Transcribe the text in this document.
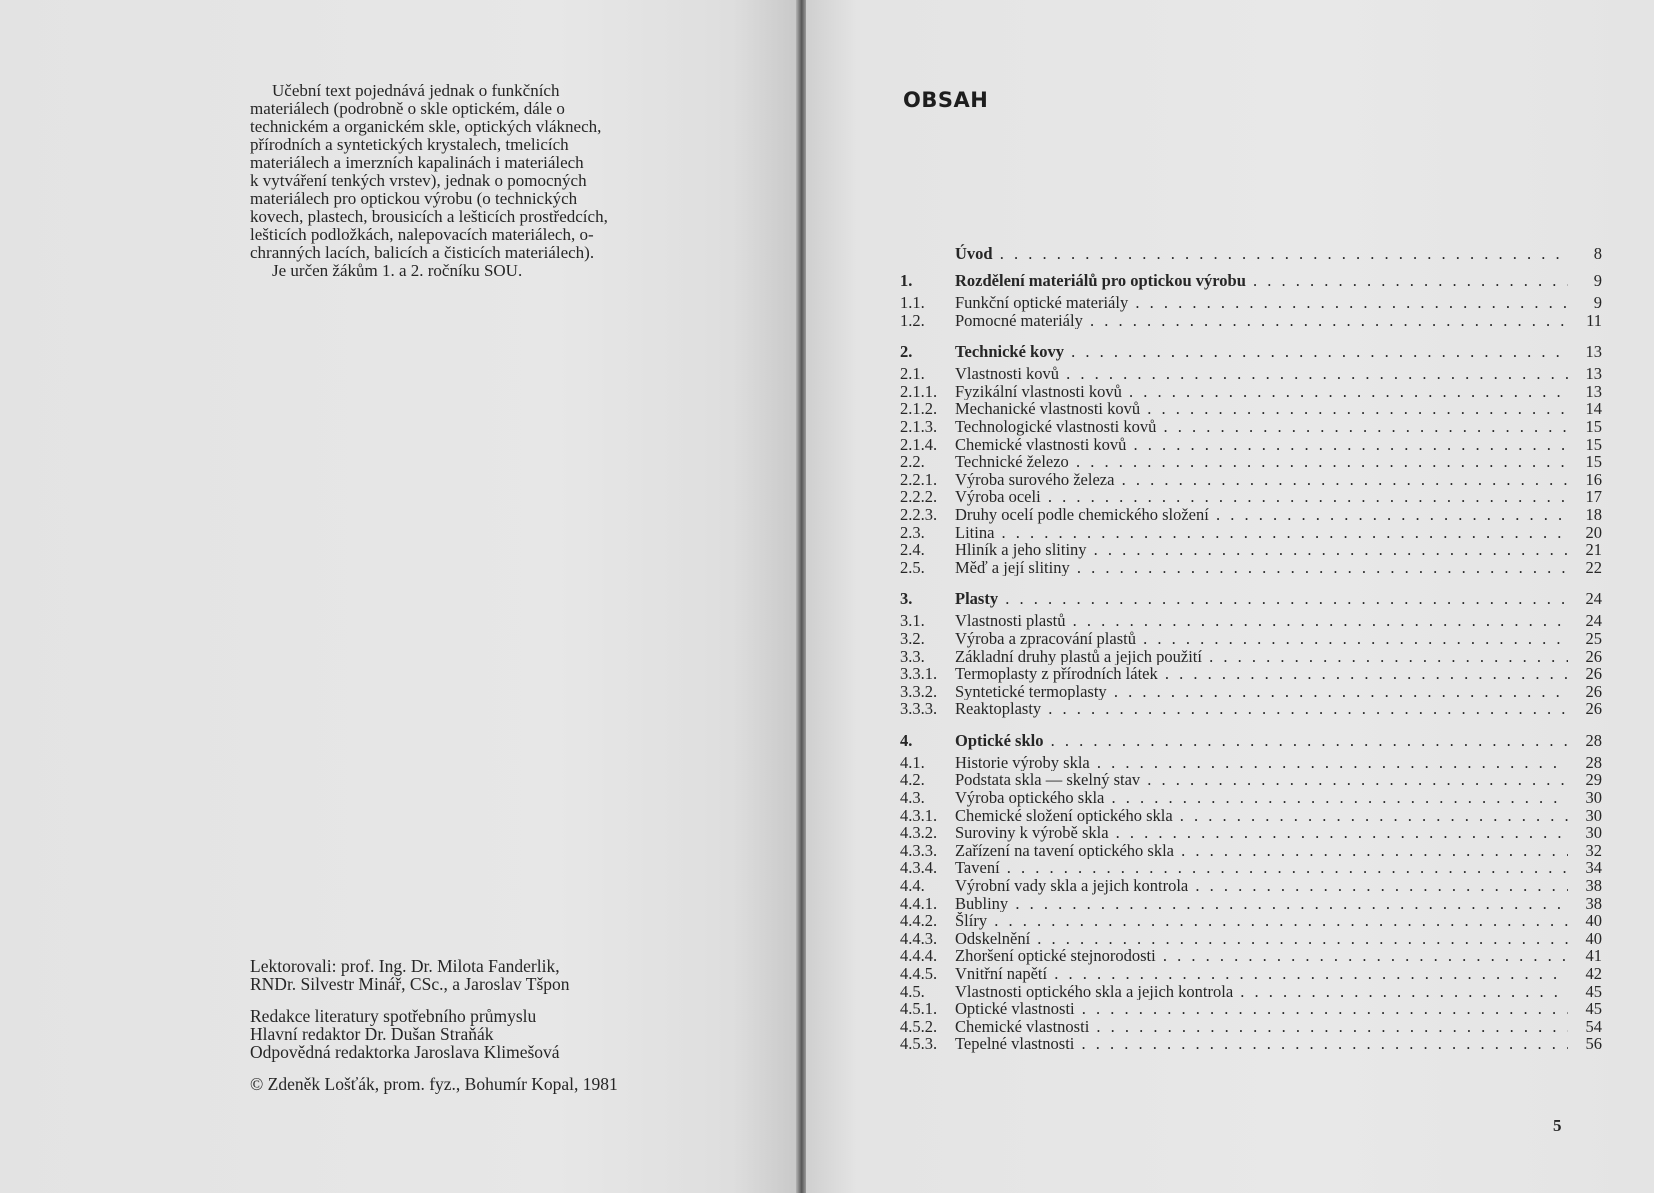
Učební text pojednává jednak o funkčních
materiálech (podrobně o skle optickém, dále o
technickém a organickém skle, optických vláknech,
přírodních a syntetických krystalech, tmelicích
materiálech a imerzních kapalinách i materiálech
k vytváření tenkých vrstev), jednak o pomocných
materiálech pro optickou výrobu (o technických
kovech, plastech, brousicích a lešticích prostředcích,
lešticích podložkách, nalepovacích materiálech, o-
chranných lacích, balicích a čisticích materiálech).
Je určen žákům 1. a 2. ročníku SOU.

Lektorovali: prof. Ing. Dr. Milota Fanderlik,

RNDr. Silvestr Minář, CSc., a Jaroslav Tšpon

Redakce literatury spotřebního průmyslu

Hlavní redaktor Dr. Dušan Straňák

Odpovědná redaktorka Jaroslava Klimešová

© Zdeněk Lošťák, prom. fyz., Bohumír Kopal, 1981

OBSAH
Úvod . . .	8
1.	Rozdělení materiálů pro optickou výrobu . . .	9
1.1. Funkční optické materiály . . .	9
1.2. Pomocné materiály . . .	11
2.	Technické kovy . . .	13
2.1. Vlastnosti kovů . . .	13
2.1.1. Fyzikální vlastnosti kovů . . .	13
2.1.2. Mechanické vlastnosti kovů . . .	14
2.1.3. Technologické vlastnosti kovů . . .	15
2.1.4. Chemické vlastnosti kovů . . .	15
2.2. Technické železo . . .	15
2.2.1. Výroba surového železa . . .	16
2.2.2. Výroba oceli . . .	17
2.2.3. Druhy ocelí podle chemického složení . . .	18
2.3. Litina . . .	20
2.4. Hliník a jeho slitiny . . .	21
2.5. Měď a její slitiny . . .	22
3.	Plasty . . .	24
3.1. Vlastnosti plastů . . .	24
3.2. Výroba a zpracování plastů . . .	25
3.3. Základní druhy plastů a jejich použití . . .	26
3.3.1. Termoplasty z přírodních látek . . .	26
3.3.2. Syntetické termoplasty . . .	26
3.3.3. Reaktoplasty . . .	26
4.	Optické sklo . . .	28
4.1. Historie výroby skla . . .	28
4.2. Podstata skla — skelný stav . . .	29
4.3. Výroba optického skla . . .	30
4.3.1. Chemické složení optického skla . . .	30
4.3.2. Suroviny k výrobě skla . . .	30
4.3.3. Zařízení na tavení optického skla . . .	32
4.3.4. Tavení . . .	34
4.4. Výrobní vady skla a jejich kontrola . . .	38
4.4.1. Bubliny . . .	38
4.4.2. Šlíry . . .	40
4.4.3. Odskelnění . . .	40
4.4.4. Zhoršení optické stejnorodosti . . .	41
4.4.5. Vnitřní napětí . . .	42
4.5. Vlastnosti optického skla a jejich kontrola . . .	45
4.5.1. Optické vlastnosti . . .	45
4.5.2. Chemické vlastnosti . . .	54
4.5.3. Tepelné vlastnosti . . .	56
5
